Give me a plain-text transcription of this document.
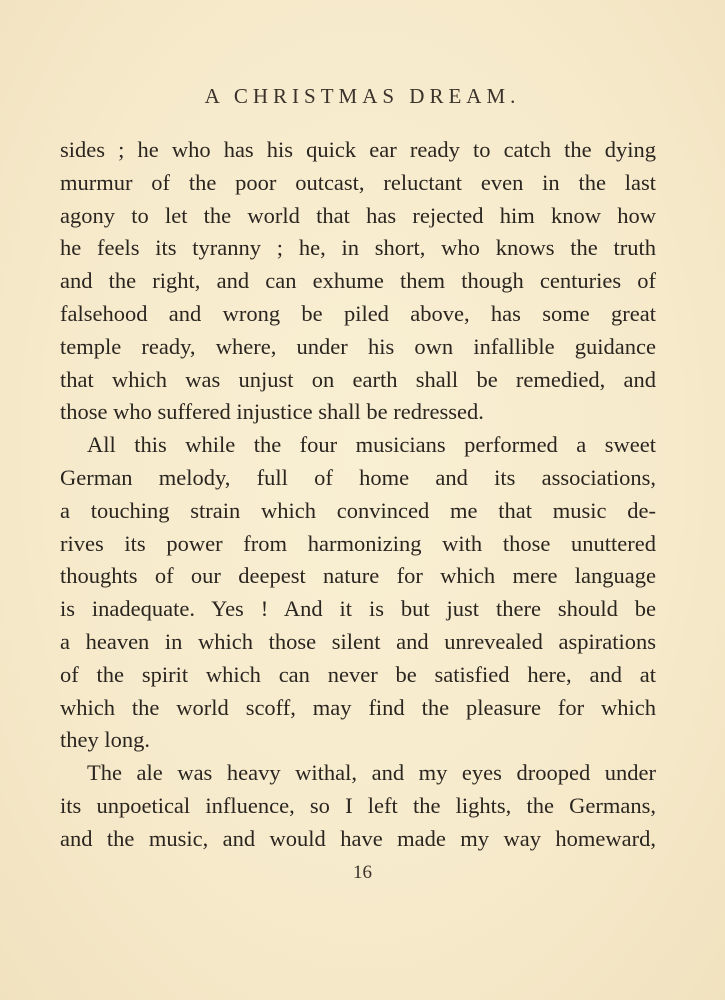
A CHRISTMAS DREAM.
sides ; he who has his quick ear ready to catch the dying
murmur of the poor outcast, reluctant even in the last
agony to let the world that has rejected him know how
he feels its tyranny ; he, in short, who knows the truth
and the right, and can exhume them though centuries of
falsehood and wrong be piled above, has some great
temple ready, where, under his own infallible guidance
that which was unjust on earth shall be remedied, and
those who suffered injustice shall be redressed.
All this while the four musicians performed a sweet
German melody, full of home and its associations,
a touching strain which convinced me that music de-
rives its power from harmonizing with those unuttered
thoughts of our deepest nature for which mere language
is inadequate. Yes ! And it is but just there should be
a heaven in which those silent and unrevealed aspirations
of the spirit which can never be satisfied here, and at
which the world scoff, may find the pleasure for which
they long.
The ale was heavy withal, and my eyes drooped under
its unpoetical influence, so I left the lights, the Germans,
and the music, and would have made my way homeward,
16
